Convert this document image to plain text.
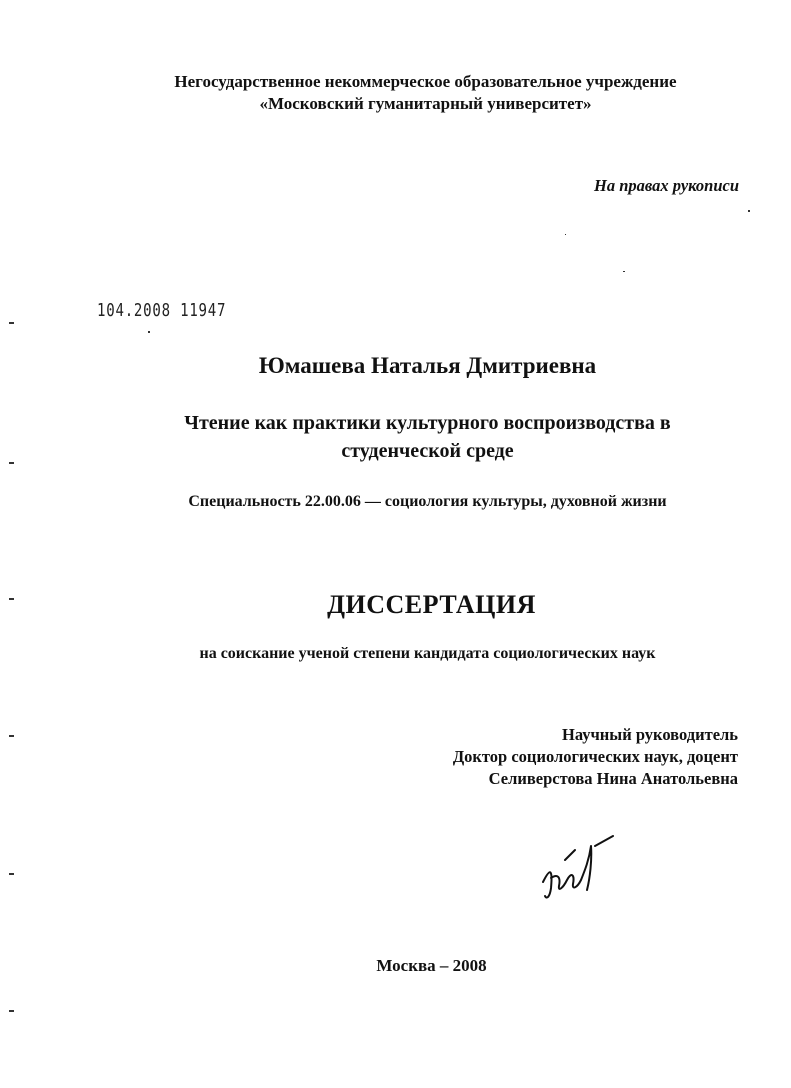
Негосударственное некоммерческое образовательное учреждение
«Московский гуманитарный университет»
На правах рукописи
104.2008 11947
Юмашева Наталья Дмитриевна
Чтение как практики культурного воспроизводства в
студенческой среде
Специальность 22.00.06 — социология культуры, духовной жизни
ДИССЕРТАЦИЯ
на соискание ученой степени кандидата социологических наук
Научный руководитель
Доктор социологических наук, доцент
Селиверстова Нина Анатольевна
Москва – 2008
